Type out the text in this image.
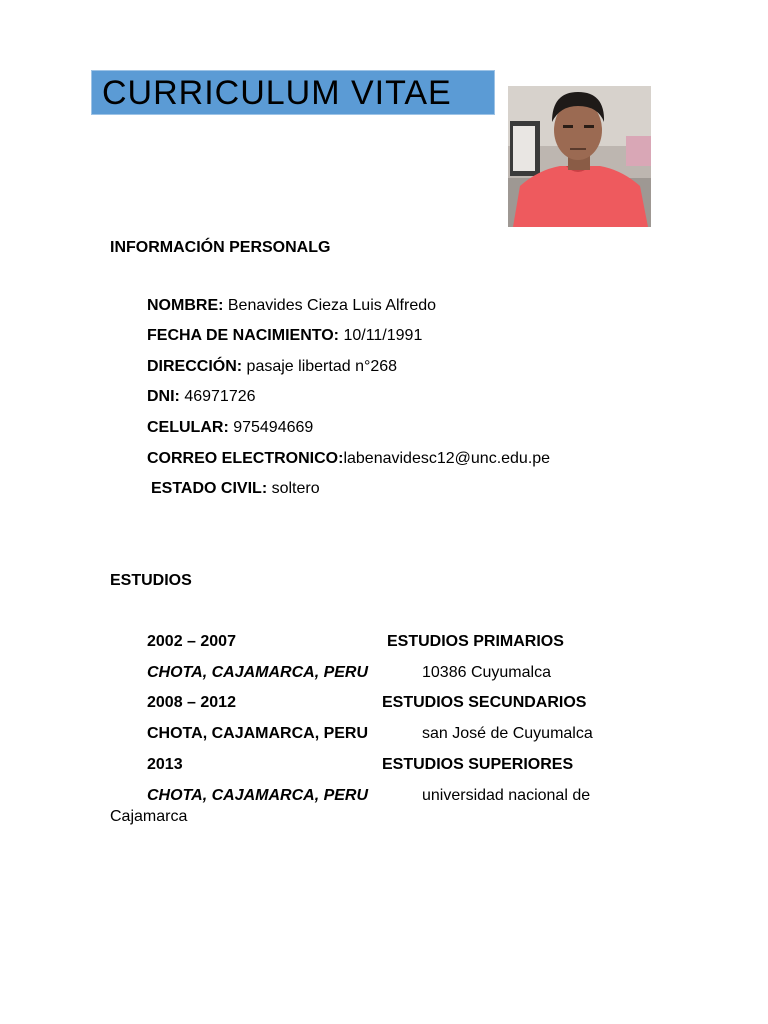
CURRICULUM VITAE
INFORMACIÓN PERSONALG
NOMBRE: Benavides Cieza Luis Alfredo
FECHA DE NACIMIENTO: 10/11/1991
DIRECCIÓN: pasaje libertad n°268
DNI: 46971726
CELULAR: 975494669
CORREO ELECTRONICO:labenavidesc12@unc.edu.pe
ESTADO CIVIL: soltero
ESTUDIOS
2002 – 2007	ESTUDIOS PRIMARIOS
CHOTA, CAJAMARCA, PERU	10386 Cuyumalca
2008 – 2012	ESTUDIOS SECUNDARIOS
CHOTA, CAJAMARCA, PERU	san José de Cuyumalca
2013	ESTUDIOS SUPERIORES
CHOTA, CAJAMARCA, PERU	universidad nacional de
Cajamarca
